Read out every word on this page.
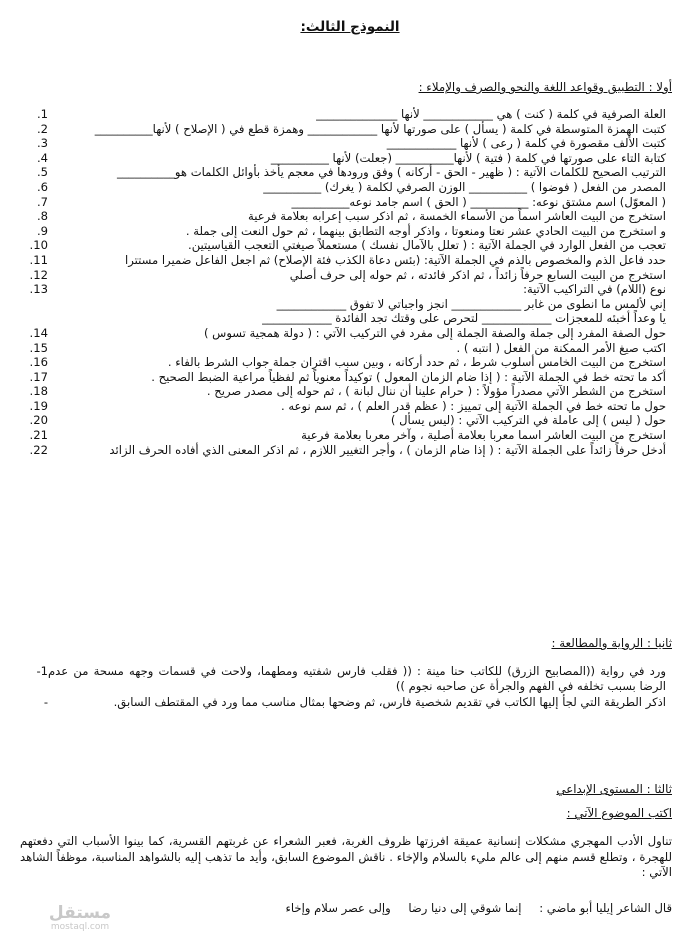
النموذج الثالث:
أولا : التطبيق وقواعد اللغة والنحو والصرف والإملاء :
العلة الصرفية في كلمة ( كنت ) هي ____________ لأنها ______________
.1
كتبت الهمزة المتوسطة في كلمة ( يسأل ) على صورتها لأنها ____________ وهمزة قطع في ( الإصلاح ) لأنها__________
.2
كتبت الألف مقصورة في كلمة ( رعى ) لأنها ____________
.3
كتابة التاء على صورتها في كلمة ( فتية ) لأنها__________ (جعلت) لأنها __________
.4
الترتيب الصحيح للكلمات الآتية : ( ظهير - الحق - أركانه ) وفق ورودها في معجم يأخذ بأوائل الكلمات هو__________
.5
المصدر من الفعل ( فوضوا ) __________ الوزن الصرفي لكلمة ( يغرك) __________
.6
( المعوّل) اسم مشتق نوعه: __________ ( الحق ) اسم جامد نوعه__________
.7
استخرج من البيت العاشر اسماً من الأسماء الخمسة ، ثم اذكر سبب إعرابه بعلامة فرعية
.8
و استخرج من البيت الحادي عشر نعتا ومنعوتا ، واذكر أوجه التطابق بينهما ، ثم حول النعت إلى جملة .
.9
تعجب من الفعل الوارد في الجملة الآتية : ( تعلل بالآمال نفسك ) مستعملاً صيغتي التعجب القياسيتين.
.10
حدد فاعل الذم والمخصوص بالذم في الجملة الآتية: (بئس دعاة الكذب فئة الإصلاح) ثم اجعل الفاعل ضميرا مستترا
.11
استخرج من البيت السابع حرفاً زائداً ، ثم اذكر فائدته ، ثم حوله إلى حرف أصلي
.12
نوع (اللام) في التراكيب الآتية:
.13
إني لألمس ما انطوى من غابر ____________ انجز واجباتي لا تفوق ____________
يا وعداً أخبئه للمعجزات ____________ لتحرص على وقتك تجد الفائدة ____________
حول الصفة المفرد إلى جملة والصفة الجملة إلى مفرد في التركيب الآتي : ( دولة همجية تسوس )
.14
اكتب صيغ الأمر الممكنة من الفعل ( انتبه ) .
.15
استخرج من البيت الخامس أسلوب شرط ، ثم حدد أركانه ، وبين سبب اقتران جملة جواب الشرط بالفاء .
.16
أكد ما تحته خط في الجملة الآتية : ( إذا ضام الزمان المعول ) توكيداً معنوياً ثم لفظياً مراعية الضبط الصحيح .
.17
استخرج من الشطر الآتي مصدراً مؤولاً : ( حرام علينا أن ننال لبانة ) ، ثم حوله إلى مصدر صريح .
.18
حول ما تحته خط في الجملة الآتية إلى تمييز : ( عظم قدر العلم ) ، ثم سم نوعه .
.19
حول ( ليس ) إلى عاملة في التركيب الآتي : (ليس يسأل )
.20
استخرج من البيت العاشر اسما معربا بعلامة أصلية ، وآخر معربا بعلامة فرعية
.21
أدخل حرفاً زائداً على الجملة الآتية : ( إذا ضام الزمان ) ، وأجر التغيير اللازم ، ثم اذكر المعنى الذي أفاده الحرف الزائد
.22
ثانيا : الرواية والمطالعة :
ورد في رواية ((المصابيح الزرق) للكاتب حنا مينة : (( فقلب فارس شفتيه ومطهما، ولاحت في قسمات وجهه مسحة من عدم الرضا بسبب تخلفه في الفهم والجرأة عن صاحبه نجوم ))
-1
اذكر الطريقة التي لجأ إليها الكاتب في تقديم شخصية فارس، ثم وضحها بمثال مناسب مما ورد في المقتطف السابق.
-
ثالثا : المستوى الإبداعي
اكتب الموضوع الآتي :
تناول الأدب المهجري مشكلات إنسانية عميقة افرزتها ظروف الغربة، فعبر الشعراء عن غربتهم القسرية، كما بينوا الأسباب التي دفعتهم للهجرة ، وتطلع قسم منهم إلى عالم مليء بالسلام والإخاء . ناقش الموضوع السابق، وأيد ما تذهب إليه بالشواهد المناسبة، موظفاً الشاهد الآتي :
قال الشاعر إيليا أبو ماضي : إنما شوقي إلى دنيا رضا وإلى عصر سلام وإخاء
مستقل
mostaql.com
